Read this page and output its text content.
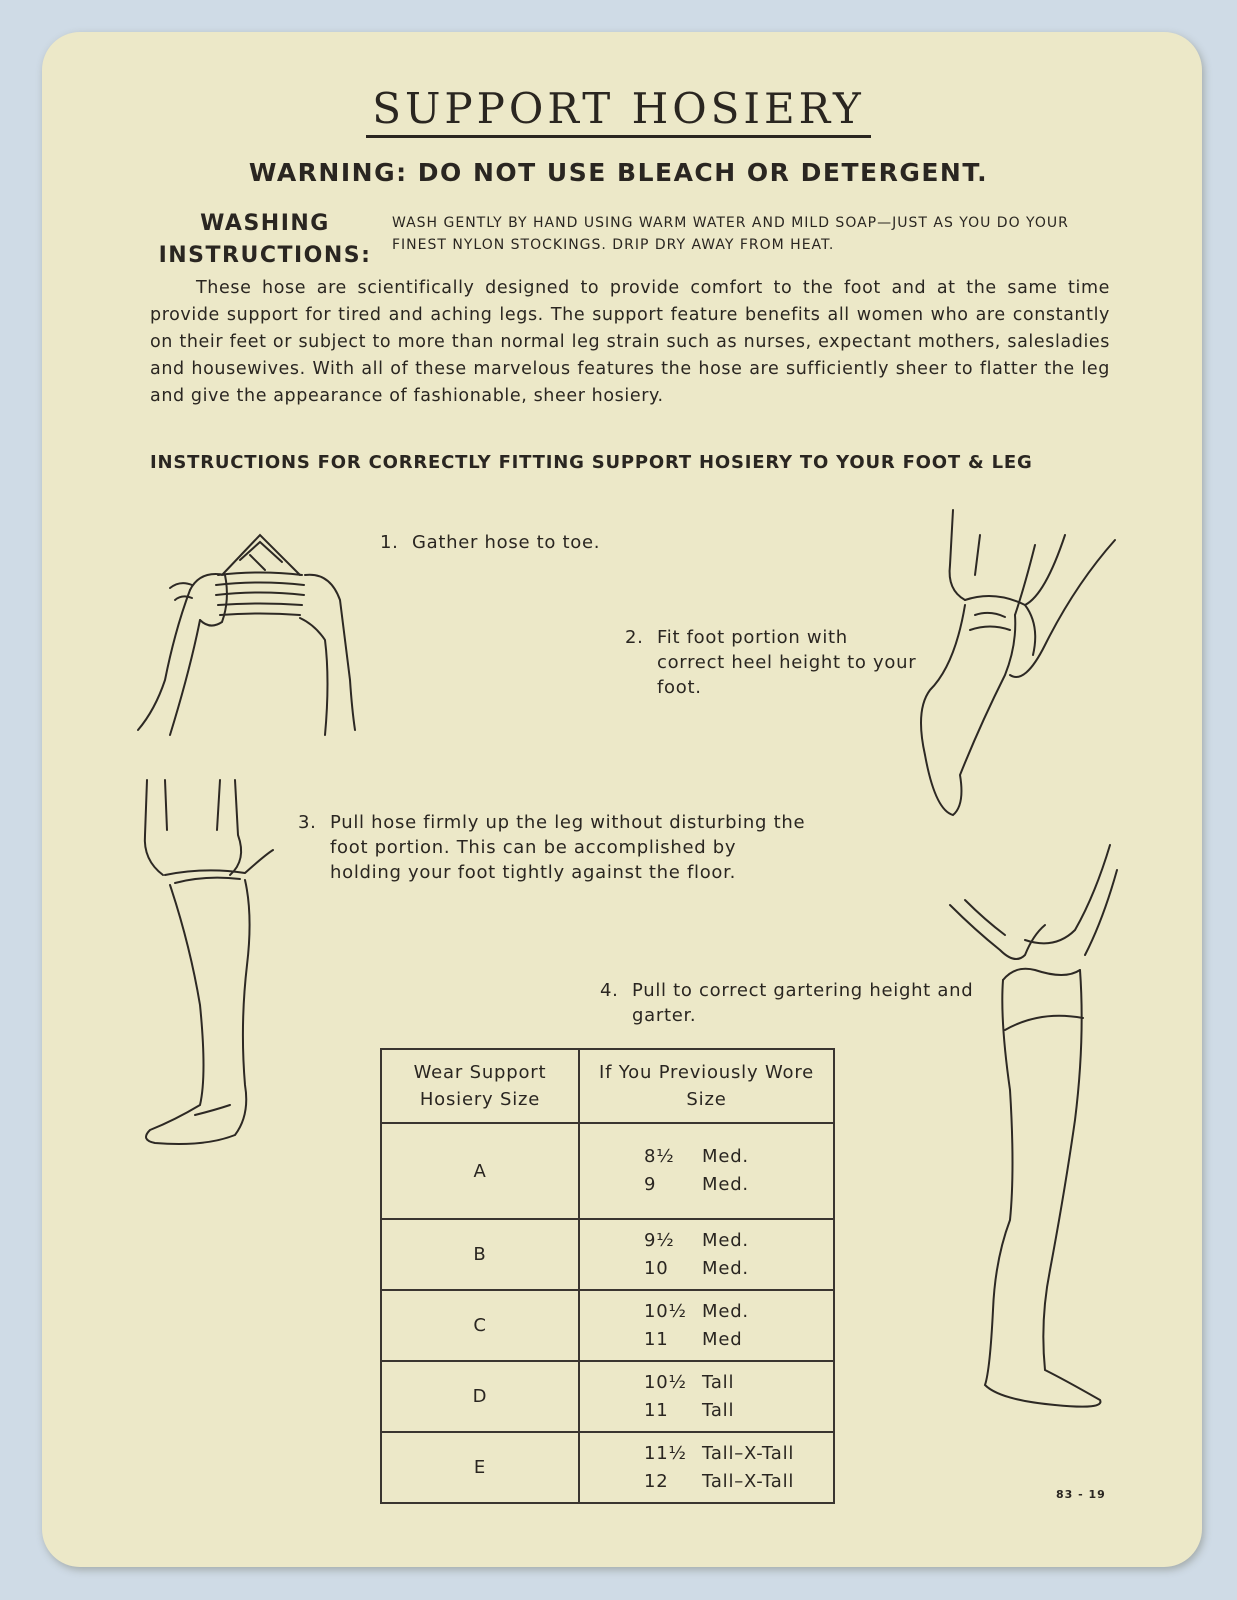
SUPPORT HOSIERY
WARNING: DO NOT USE BLEACH OR DETERGENT.
WASHING
INSTRUCTIONS:
WASH GENTLY BY HAND USING WARM WATER AND MILD SOAP—JUST AS YOU DO YOUR FINEST NYLON STOCKINGS. DRIP DRY AWAY FROM HEAT.
These hose are scientifically designed to provide comfort to the foot and at the same time provide support for tired and aching legs. The support feature benefits all women who are constantly on their feet or subject to more than normal leg strain such as nurses, expectant mothers, salesladies and housewives. With all of these marvelous features the hose are sufficiently sheer to flatter the leg and give the appearance of fashionable, sheer hosiery.
INSTRUCTIONS FOR CORRECTLY FITTING SUPPORT HOSIERY TO YOUR FOOT & LEG
1. Gather hose to toe.
2. Fit foot portion with correct heel height to your foot.
3. Pull hose firmly up the leg without disturbing the foot portion. This can be accomplished by holding your foot tightly against the floor.
4. Pull to correct gartering height and garter.
Wear Support Hosiery Size	If You Previously Wore Size
A	8½ Med.
9 Med.

B	9½ Med.
10 Med.

C	10½ Med.
11 Med

D	10½ Tall
11 Tall

E	11½ Tall–X-Tall
12 Tall–X-Tall
83 - 19
